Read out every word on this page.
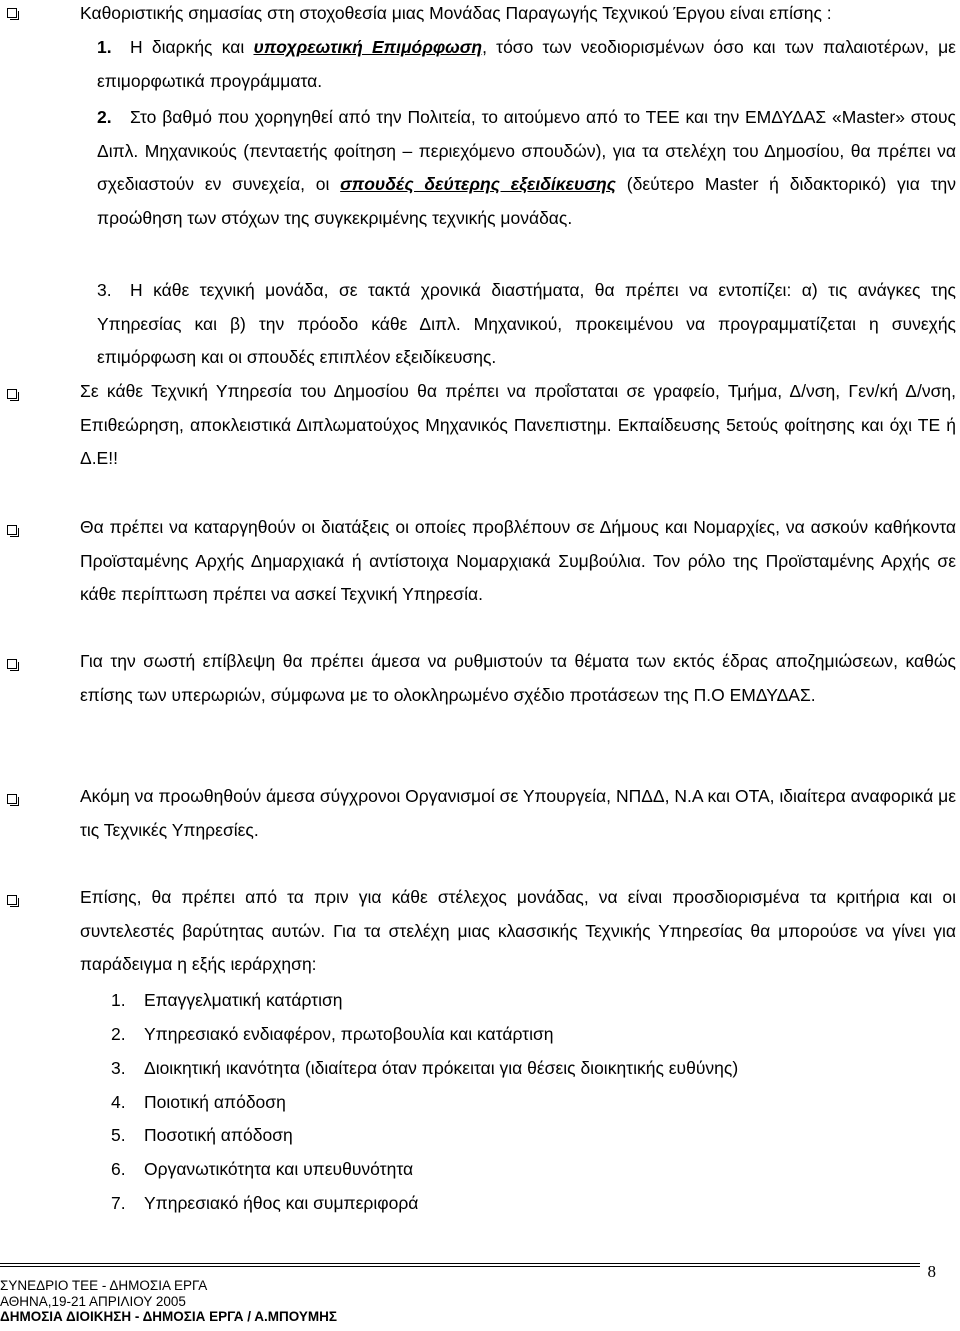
Καθοριστικής σημασίας στη στοχοθεσία μιας Μονάδας Παραγωγής Τεχνικού Έργου είναι επίσης :
1. Η διαρκής και υποχρεωτική Επιμόρφωση, τόσο των νεοδιορισμένων όσο και των παλαιοτέρων, με επιμορφωτικά προγράμματα.
2. Στο βαθμό που χορηγηθεί από την Πολιτεία, το αιτούμενο από το ΤΕΕ και την ΕΜΔΥΔΑΣ «Master» στους Διπλ. Μηχανικούς (πενταετής φοίτηση – περιεχόμενο σπουδών), για τα στελέχη του Δημοσίου, θα πρέπει να σχεδιαστούν εν συνεχεία, οι σπουδές δεύτερης εξειδίκευσης (δεύτερο Master ή διδακτορικό) για την προώθηση των στόχων της συγκεκριμένης τεχνικής μονάδας.
3. Η κάθε τεχνική μονάδα, σε τακτά χρονικά διαστήματα, θα πρέπει να εντοπίζει: α) τις ανάγκες της Υπηρεσίας και β) την πρόοδο κάθε Διπλ. Μηχανικού, προκειμένου να προγραμματίζεται η συνεχής επιμόρφωση και οι σπουδές επιπλέον εξειδίκευσης.
Σε κάθε Τεχνική Υπηρεσία του Δημοσίου θα πρέπει να προΐσταται σε γραφείο, Τμήμα, Δ/νση, Γεν/κή Δ/νση, Επιθεώρηση, αποκλειστικά Διπλωματούχος Μηχανικός Πανεπιστημ. Εκπαίδευσης 5ετούς φοίτησης και όχι ΤΕ ή Δ.Ε!!
Θα πρέπει να καταργηθούν οι διατάξεις οι οποίες προβλέπουν σε Δήμους και Νομαρχίες, να ασκούν καθήκοντα Προϊσταμένης Αρχής Δημαρχιακά ή αντίστοιχα Νομαρχιακά Συμβούλια. Τον ρόλο της Προϊσταμένης Αρχής σε κάθε περίπτωση πρέπει να ασκεί Τεχνική Υπηρεσία.
Για την σωστή επίβλεψη θα πρέπει άμεσα να ρυθμιστούν τα θέματα των εκτός έδρας αποζημιώσεων, καθώς επίσης των υπερωριών, σύμφωνα με το ολοκληρωμένο σχέδιο προτάσεων της Π.Ο ΕΜΔΥΔΑΣ.
Ακόμη να προωθηθούν άμεσα σύγχρονοι Οργανισμοί σε Υπουργεία, ΝΠΔΔ, Ν.Α και ΟΤΑ, ιδιαίτερα αναφορικά με τις Τεχνικές Υπηρεσίες.
Επίσης, θα πρέπει από τα πριν για κάθε στέλεχος μονάδας, να είναι προσδιορισμένα τα κριτήρια και οι συντελεστές βαρύτητας αυτών. Για τα στελέχη μιας κλασσικής Τεχνικής Υπηρεσίας θα μπορούσε να γίνει για παράδειγμα η εξής ιεράρχηση:
1. Επαγγελματική κατάρτιση
2. Υπηρεσιακό ενδιαφέρον, πρωτοβουλία και κατάρτιση
3. Διοικητική ικανότητα (ιδιαίτερα όταν πρόκειται για θέσεις διοικητικής ευθύνης)
4. Ποιοτική απόδοση
5. Ποσοτική απόδοση
6. Οργανωτικότητα και υπευθυνότητα
7. Υπηρεσιακό ήθος και συμπεριφορά
8
ΣΥΝΕΔΡΙΟ ΤΕΕ - ΔΗΜΟΣΙΑ ΕΡΓΑ
ΑΘΗΝΑ,19-21 ΑΠΡΙΛΙΟΥ 2005
ΔΗΜΟΣΙΑ ΔΙΟΙΚΗΣΗ - ΔΗΜΟΣΙΑ ΕΡΓΑ / Α.ΜΠΟΥΜΗΣ
